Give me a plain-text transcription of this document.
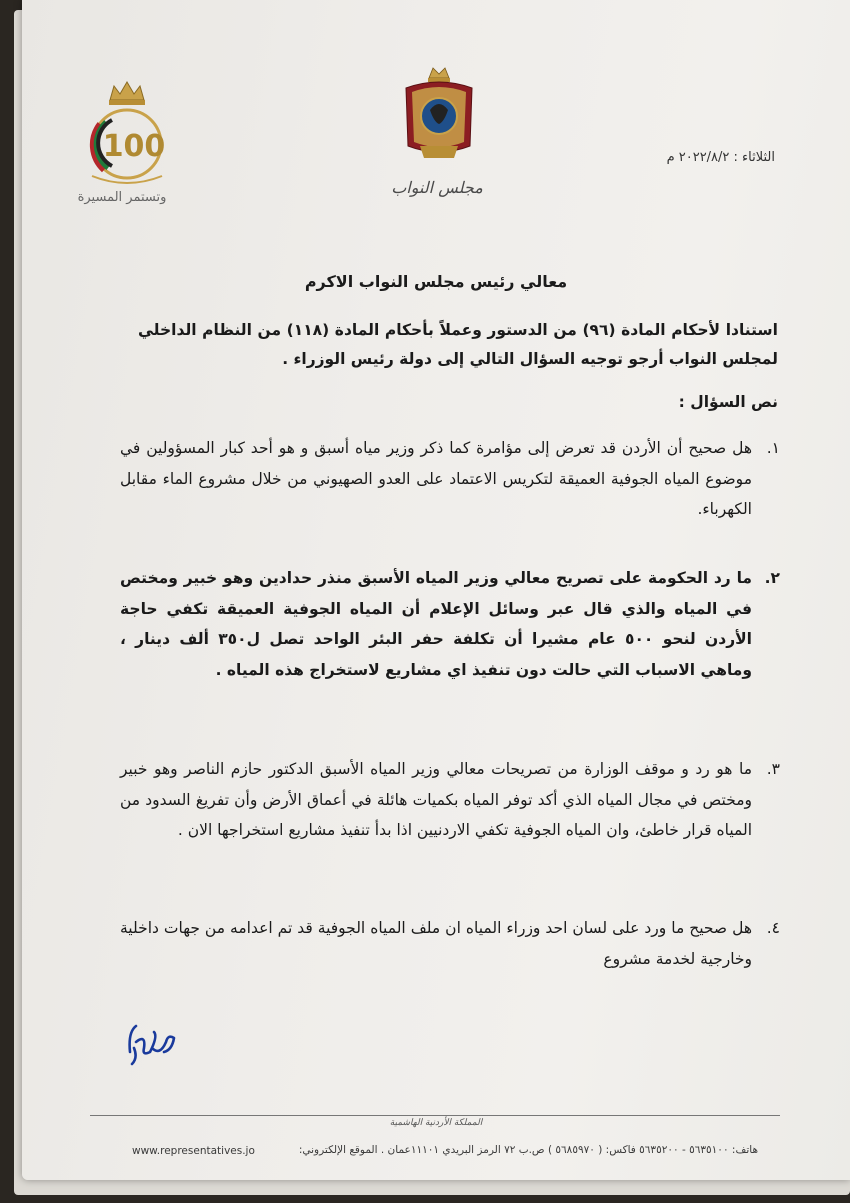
100
وتستمر المسيرة
مجلس النواب
الثلاثاء : ٢٠٢٢/٨/٢ م
معالي رئيس مجلس النواب الاكرم
استنادا لأحكام المادة (٩٦) من الدستور وعملاً بأحكام المادة (١١٨) من النظام الداخلي لمجلس النواب أرجو توجيه السؤال التالي إلى دولة رئيس الوزراء .
نص السؤال :
١.
هل صحيح أن الأردن قد تعرض إلى مؤامرة كما ذكر وزير مياه أسبق و هو أحد كبار المسؤولين في موضوع المياه الجوفية العميقة لتكريس الاعتماد على العدو الصهيوني من خلال مشروع الماء مقابل الكهرباء.
٢.
ما رد الحكومة على تصريح معالي وزير المياه الأسبق منذر حدادين وهو خبير ومختص في المياه والذي قال عبر وسائل الإعلام أن المياه الجوفية العميقة تكفي حاجة الأردن لنحو ٥٠٠ عام مشيرا أن تكلفة حفر البئر الواحد تصل ل٣٥٠ ألف دينار ، وماهي الاسباب التي حالت دون تنفيذ اي مشاريع لاستخراج هذه المياه .
٣.
ما هو رد و موقف الوزارة من تصريحات معالي وزير المياه الأسبق الدكتور حازم الناصر وهو خبير ومختص في مجال المياه الذي أكد توفر المياه بكميات هائلة في أعماق الأرض وأن تفريغ السدود من المياه قرار خاطئ، وان المياه الجوفية تكفي الاردنيين اذا بدأ تنفيذ مشاريع استخراجها الان .
٤.
هل صحيح ما ورد على لسان احد وزراء المياه ان ملف المياه الجوفية قد تم اعدامه من جهات داخلية وخارجية لخدمة مشروع
المملكة الأردنية الهاشمية
هاتف: ٥٦٣٥١٠٠ - ٥٦٣٥٢٠٠ فاكس: ( ٥٦٨٥٩٧٠ ) ص.ب ٧٢ الرمز البريدي ١١١٠١عمان . الموقع الإلكتروني:
www.representatives.jo
